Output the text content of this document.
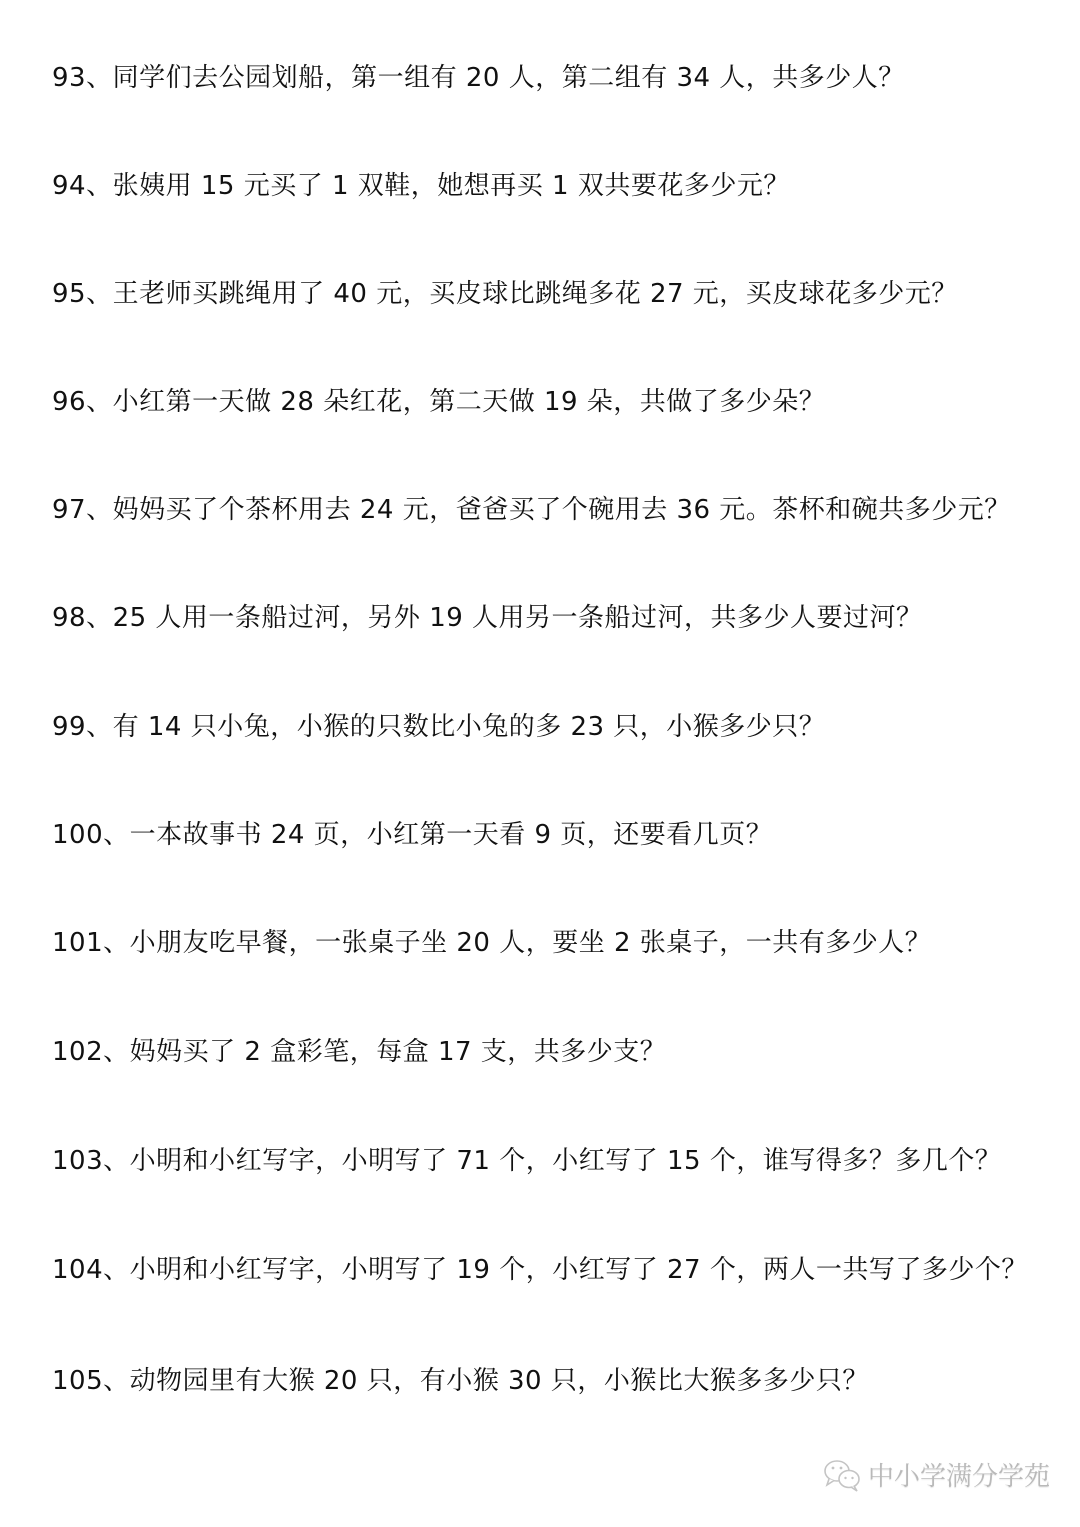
93、同学们去公园划船，第一组有 20 人，第二组有 34 人，共多少人？
94、张姨用 15 元买了 1 双鞋，她想再买 1 双共要花多少元？
95、王老师买跳绳用了 40 元，买皮球比跳绳多花 27 元，买皮球花多少元？
96、小红第一天做 28 朵红花，第二天做 19 朵，共做了多少朵？
97、妈妈买了个茶杯用去 24 元，爸爸买了个碗用去 36 元。茶杯和碗共多少元？
98、25 人用一条船过河，另外 19 人用另一条船过河，共多少人要过河？
99、有 14 只小兔，小猴的只数比小兔的多 23 只，小猴多少只？
100、一本故事书 24 页，小红第一天看 9 页，还要看几页？
101、小朋友吃早餐，一张桌子坐 20 人，要坐 2 张桌子，一共有多少人？
102、妈妈买了 2 盒彩笔，每盒 17 支，共多少支？
103、小明和小红写字，小明写了 71 个，小红写了 15 个，谁写得多？多几个？
104、小明和小红写字，小明写了 19 个，小红写了 27 个，两人一共写了多少个？
105、动物园里有大猴 20 只，有小猴 30 只，小猴比大猴多多少只？
中小学满分学苑
